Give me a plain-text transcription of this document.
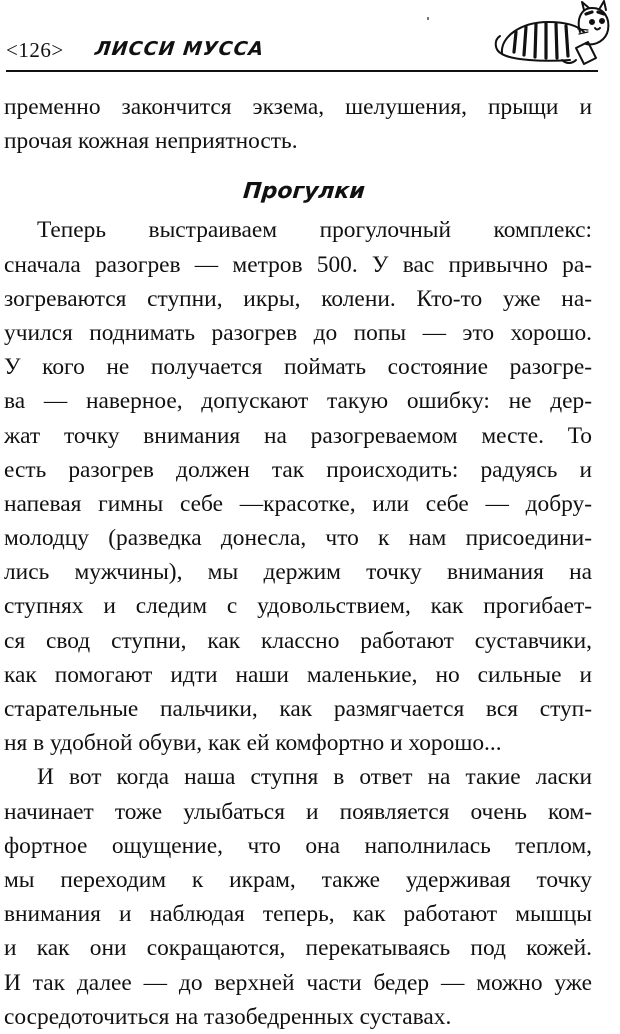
<126> ЛИССИ МУССА

пременно закончится экзема, шелушения, прыщи и
прочая кожная неприятность.

Прогулки

Теперь выстраиваем прогулочный комплекс:
сначала разогрев — метров 500. У вас привычно ра-
зогреваются ступни, икры, колени. Кто-то уже на-
учился поднимать разогрев до попы — это хорошо.
У кого не получается поймать состояние разогре-
ва — наверное, допускают такую ошибку: не дер-
жат точку внимания на разогреваемом месте. То
есть разогрев должен так происходить: радуясь и
напевая гимны себе —красотке, или себе — добру-
молодцу (разведка донесла, что к нам присоедини-
лись мужчины), мы держим точку внимания на
ступнях и следим с удовольствием, как прогибает-
ся свод ступни, как классно работают суставчики,
как помогают идти наши маленькие, но сильные и
старательные пальчики, как размягчается вся ступ-
ня в удобной обуви, как ей комфортно и хорошо...

И вот когда наша ступня в ответ на такие ласки
начинает тоже улыбаться и появляется очень ком-
фортное ощущение, что она наполнилась теплом,
мы переходим к икрам, также удерживая точку
внимания и наблюдая теперь, как работают мышцы
и как они сокращаются, перекатываясь под кожей.
И так далее — до верхней части бедер — можно уже
сосредоточиться на тазобедренных суставах.
